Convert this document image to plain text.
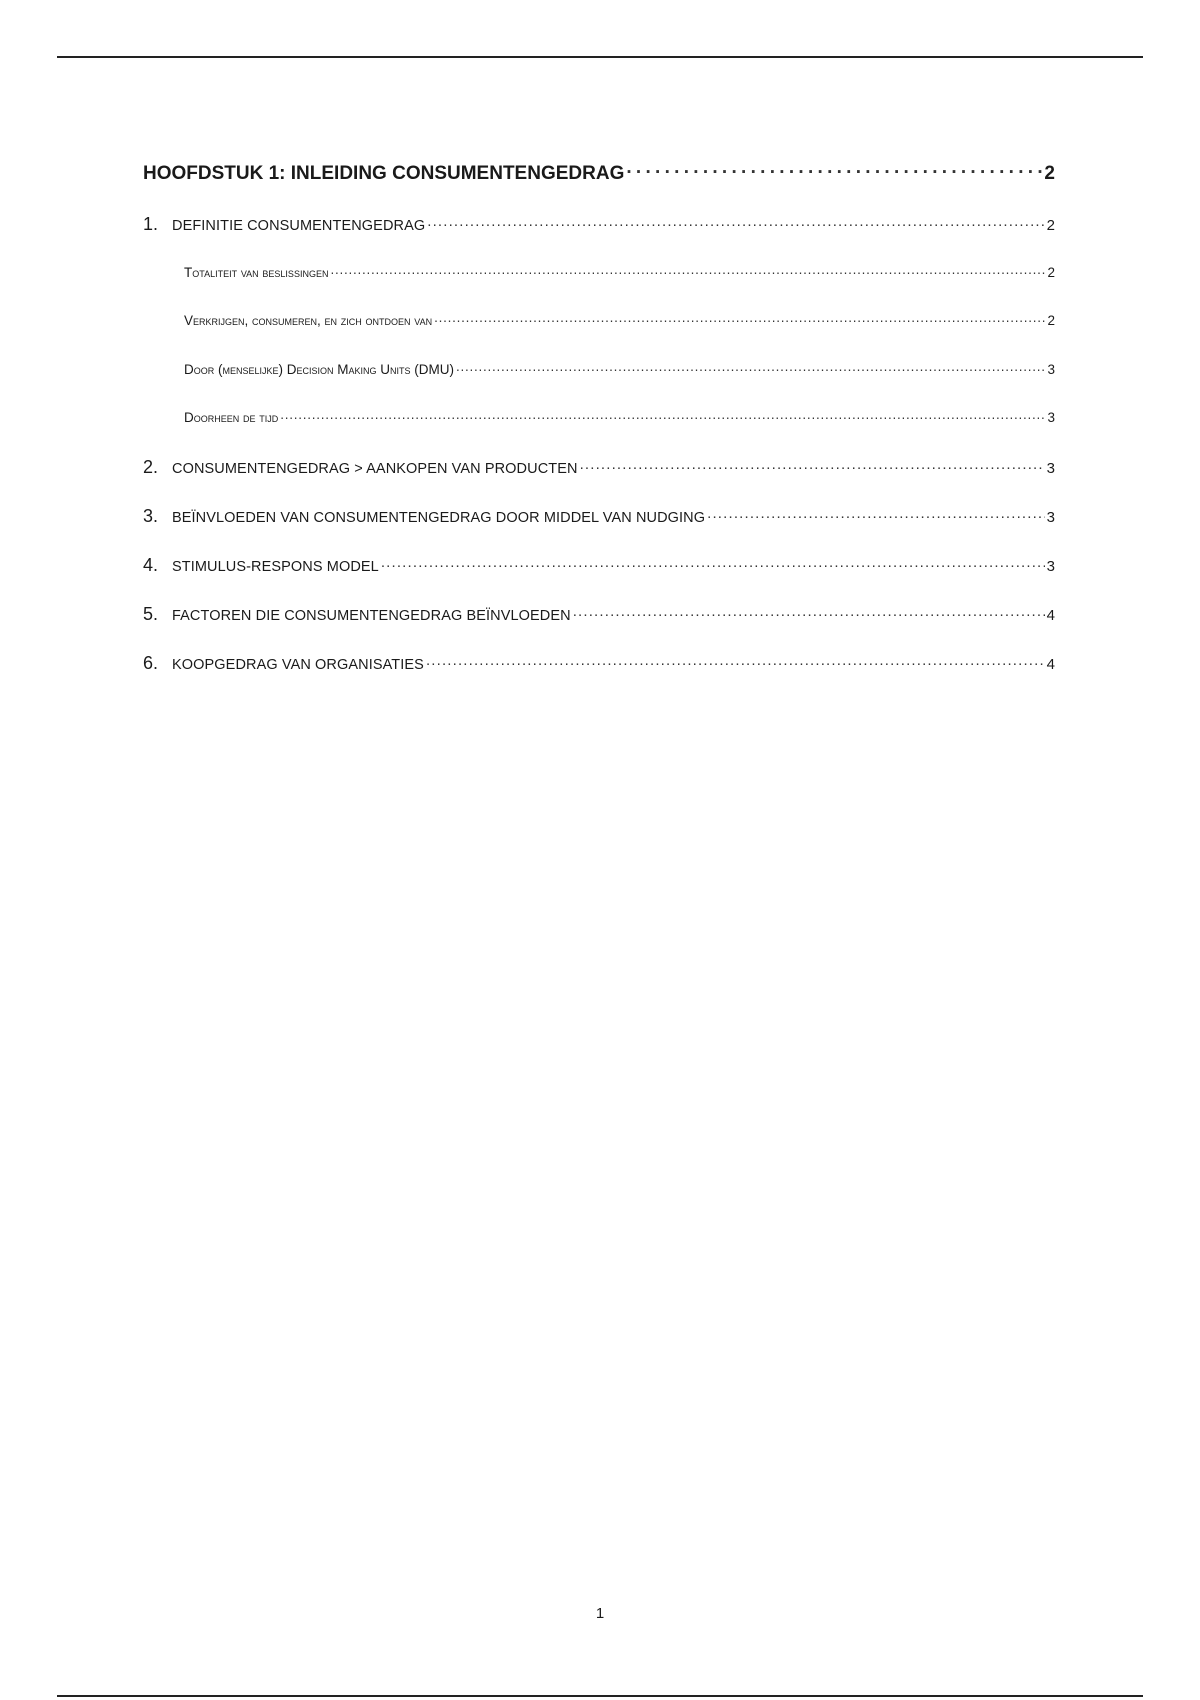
HOOFDSTUK 1: INLEIDING CONSUMENTENGEDRAG . . .	2
1. DEFINITIE CONSUMENTENGEDRAG . . .	2
Totaliteit van beslissingen . . .	2
Verkrijgen, consumeren, en zich ontdoen van . . .	2
Door (menselijke) Decision Making Units (DMU) . . .	3
Doorheen de tijd . . .	3
2. CONSUMENTENGEDRAG > AANKOPEN VAN PRODUCTEN . . .	3
3. BEÏNVLOEDEN VAN CONSUMENTENGEDRAG DOOR MIDDEL VAN NUDGING . . .	3
4. STIMULUS-RESPONS MODEL . . .	3
5. FACTOREN DIE CONSUMENTENGEDRAG BEÏNVLOEDEN . . .	4
6. KOOPGEDRAG VAN ORGANISATIES . . .	4
1
